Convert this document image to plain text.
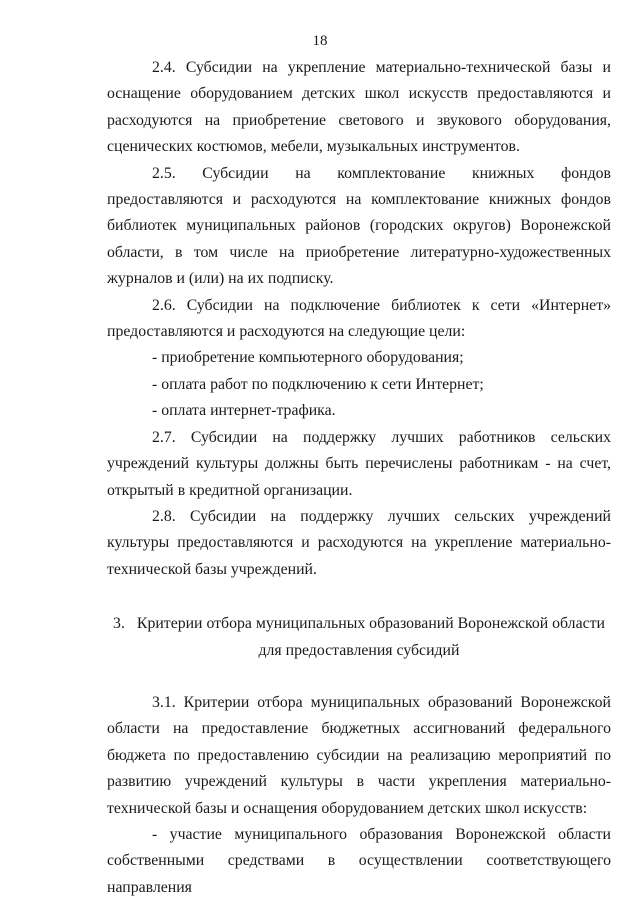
18

2.4. Субсидии на укрепление материально-технической базы и оснащение оборудованием детских школ искусств предоставляются и расходуются на приобретение светового и звукового оборудования, сценических костюмов, мебели, музыкальных инструментов.

2.5. Субсидии на комплектование книжных фондов предоставляются и расходуются на комплектование книжных фондов библиотек муниципальных районов (городских округов) Воронежской области, в том числе на приобретение литературно-художественных журналов и (или) на их подписку.

2.6. Субсидии на подключение библиотек к сети «Интернет» предоставляются и расходуются на следующие цели:

- приобретение компьютерного оборудования;

- оплата работ по подключению к сети Интернет;

- оплата интернет-трафика.

2.7. Субсидии на поддержку лучших работников сельских учреждений культуры должны быть перечислены работникам - на счет, открытый в кредитной организации.

2.8. Субсидии на поддержку лучших сельских учреждений культуры предоставляются и расходуются на укрепление материально-технической базы учреждений.

3. Критерии отбора муниципальных образований Воронежской области
для предоставления субсидий

3.1. Критерии отбора муниципальных образований Воронежской области на предоставление бюджетных ассигнований федерального бюджета по предоставлению субсидии на реализацию мероприятий по развитию учреждений культуры в части укрепления материально-технической базы и оснащения оборудованием детских школ искусств:

- участие муниципального образования Воронежской области собственными средствами в осуществлении соответствующего направления
